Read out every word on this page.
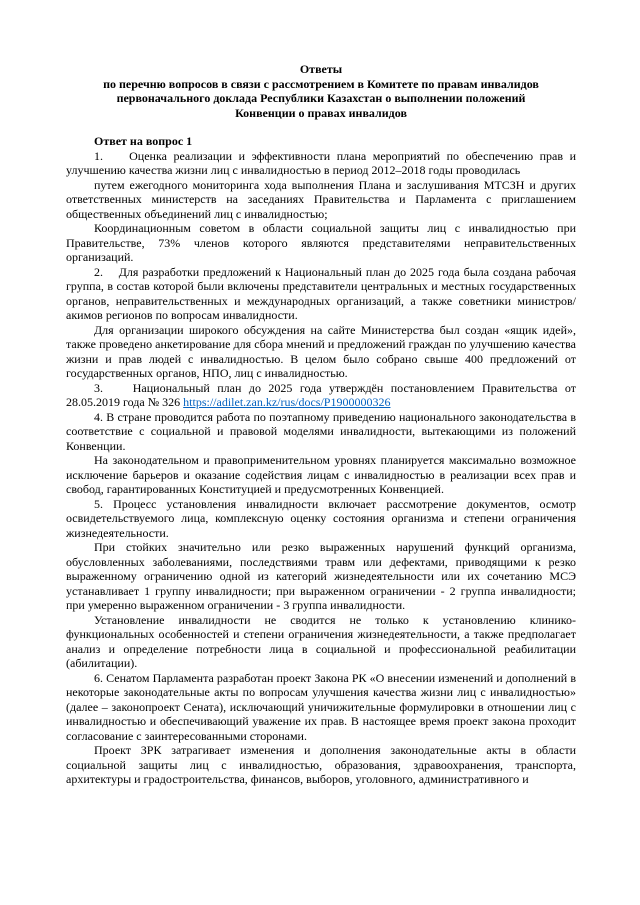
Ответы
по перечню вопросов в связи с рассмотрением в Комитете по правам инвалидов
первоначального доклада Республики Казахстан о выполнении положений
Конвенции о правах инвалидов

Ответ на вопрос 1

1.    Оценка реализации и эффективности плана мероприятий по обеспечению прав и улучшению качества жизни лиц с инвалидностью в период 2012–2018 годы проводилась

путем ежегодного мониторинга хода выполнения Плана и заслушивания МТСЗН и других ответственных министерств на заседаниях Правительства и Парламента с приглашением общественных объединений лиц с инвалидностью;

Координационным советом в области социальной защиты лиц с инвалидностью при Правительстве, 73% членов которого являются представителями неправительственных организаций.

2.    Для разработки предложений к Национальный план до 2025 года была создана рабочая группа, в состав которой были включены представители центральных и местных государственных органов, неправительственных и международных организаций, а также советники министров/акимов регионов по вопросам инвалидности.

Для организации широкого обсуждения на сайте Министерства был создан «ящик идей», также проведено анкетирование для сбора мнений и предложений граждан по улучшению качества жизни и прав людей с инвалидностью. В целом было собрано свыше 400 предложений от государственных органов, НПО, лиц с инвалидностью.

3.    Национальный план до 2025 года утверждён постановлением Правительства от 28.05.2019 года № 326 https://adilet.zan.kz/rus/docs/P1900000326

4. В стране проводится работа по поэтапному приведению национального законодательства в соответствие с социальной и правовой моделями инвалидности, вытекающими из положений Конвенции.

На законодательном и правоприменительном уровнях планируется максимально возможное исключение барьеров и оказание содействия лицам с инвалидностью в реализации всех прав и свобод, гарантированных Конституцией и предусмотренных Конвенцией.

5. Процесс установления инвалидности включает рассмотрение документов, осмотр освидетельствуемого лица, комплексную оценку состояния организма и степени ограничения жизнедеятельности.

При стойких значительно или резко выраженных нарушений функций организма, обусловленных заболеваниями, последствиями травм или дефектами, приводящими к резко выраженному ограничению одной из категорий жизнедеятельности или их сочетанию МСЭ устанавливает 1 группу инвалидности; при выраженном ограничении - 2 группа инвалидности; при умеренно выраженном ограничении - 3 группа инвалидности.

Установление инвалидности не сводится не только к установлению клинико-функциональных особенностей и степени ограничения жизнедеятельности, а также предполагает анализ и определение потребности лица в социальной и профессиональной реабилитации (абилитации).

6. Сенатом Парламента разработан проект Закона РК «О внесении изменений и дополнений в некоторые законодательные акты по вопросам улучшения качества жизни лиц с инвалидностью» (далее – законопроект Сената), исключающий уничижительные формулировки в отношении лиц с инвалидностью и обеспечивающий уважение их прав. В настоящее время проект закона проходит согласование с заинтересованными сторонами.

Проект ЗРК затрагивает изменения и дополнения законодательные акты в области социальной защиты лиц с инвалидностью, образования, здравоохранения, транспорта, архитектуры и градостроительства, финансов, выборов, уголовного, административного и
